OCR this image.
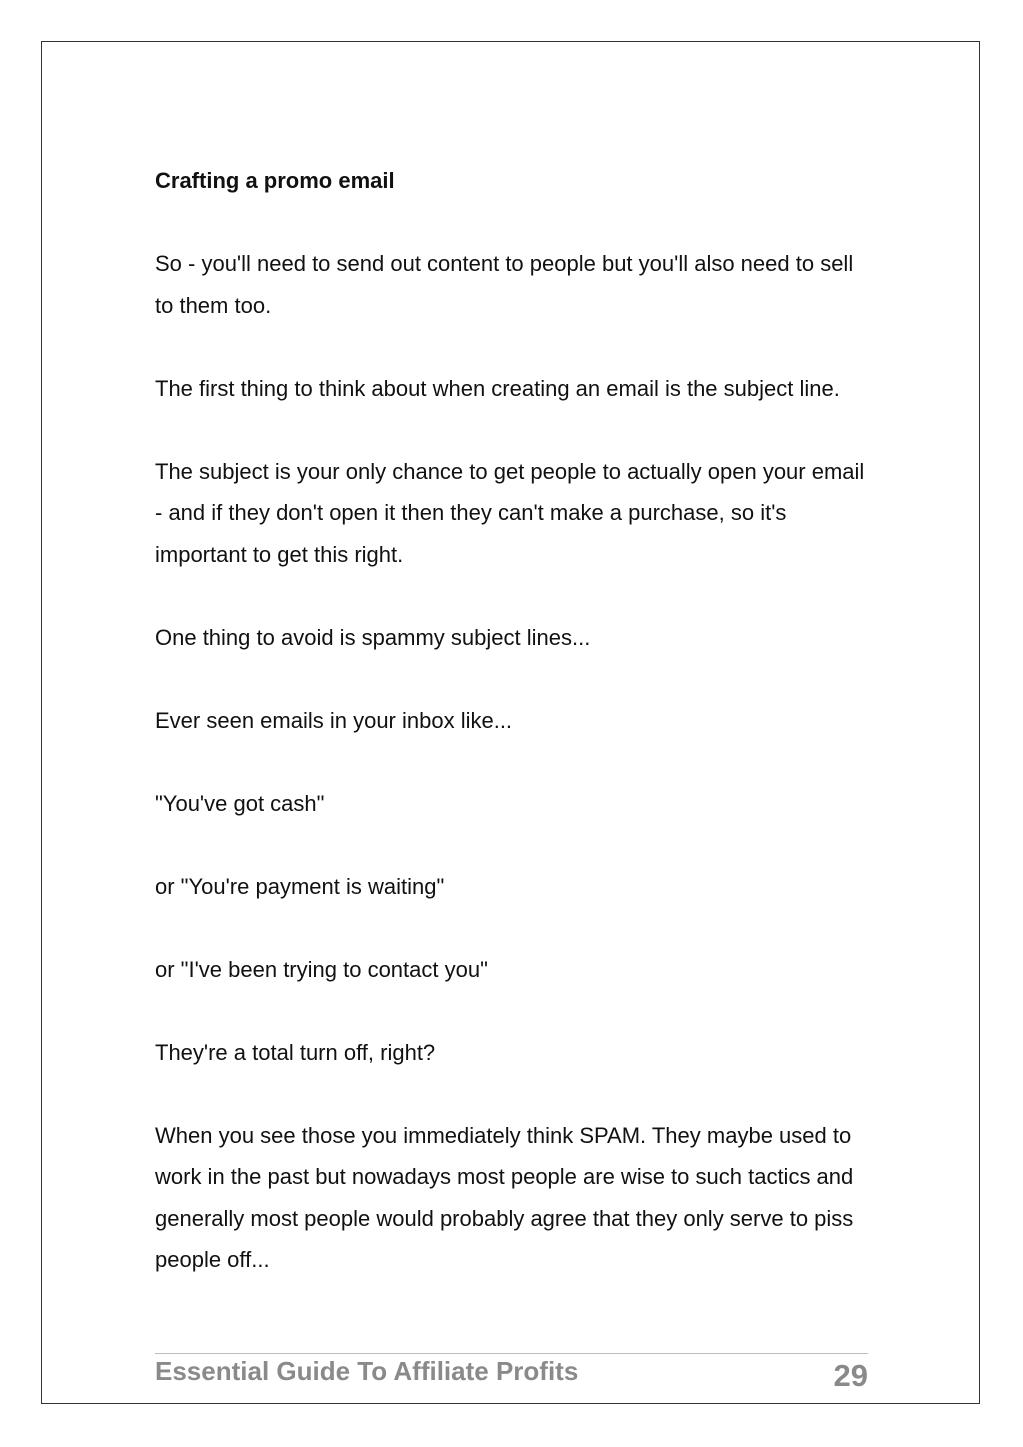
Crafting a promo email

So - you'll need to send out content to people but you'll also need to sell to them too.

The first thing to think about when creating an email is the subject line.

The subject is your only chance to get people to actually open your email - and if they don't open it then they can't make a purchase, so it's important to get this right.

One thing to avoid is spammy subject lines...

Ever seen emails in your inbox like...

"You've got cash"

or "You're payment is waiting"

or "I've been trying to contact you"

They're a total turn off, right?

When you see those you immediately think SPAM. They maybe used to work in the past but nowadays most people are wise to such tactics and generally most people would probably agree that they only serve to piss people off...

Essential Guide To Affiliate Profits	29
